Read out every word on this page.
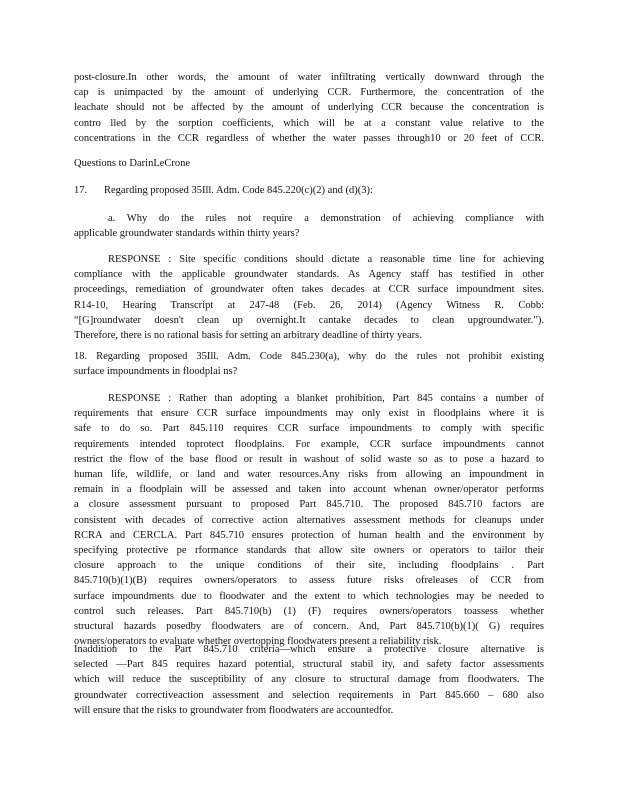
post-closure.In other words, the amount of water infiltrating vertically downward through the
cap is unimpacted by the amount of underlying CCR. Furthermore, the concentration of the
leachate should not be affected by the amount of underlying CCR because the concentration is
contro lled by the sorption coefficients, which will be at a constant value relative to the
concentrations in the CCR regardless of whether the water passes through10 or 20 feet of CCR.
Questions to DarinLeCrone
17. Regarding proposed 35Ill. Adm. Code 845.220(c)(2) and (d)(3):
a. Why do the rules not require a demonstration of achieving compliance with
applicable groundwater standards within thirty years?
RESPONSE : Site specific conditions should dictate a reasonable time line for achieving
compliance with the applicable groundwater standards. As Agency staff has testified in other
proceedings, remediation of groundwater often takes decades at CCR surface impoundment sites.
R14-10, Hearing Transcript at 247-48 (Feb. 26, 2014) (Agency Witness R. Cobb:
“[G]roundwater doesn't clean up overnight.It cantake decades to clean upgroundwater.”).
Therefore, there is no rational basis for setting an arbitrary deadline of thirty years.
18. Regarding proposed 35Ill. Adm. Code 845.230(a), why do the rules not prohibit existing
surface impoundments in floodplai ns?
RESPONSE : Rather than adopting a blanket prohibition, Part 845 contains a number of
requirements that ensure CCR surface impoundments may only exist in floodplains where it is
safe to do so. Part 845.110 requires CCR surface impoundments to comply with specific
requirements intended toprotect floodplains. For example, CCR surface impoundments cannot
restrict the flow of the base flood or result in washout of solid waste so as to pose a hazard to
human life, wildlife, or land and water resources.Any risks from allowing an impoundment in
remain in a floodplain will be assessed and taken into account whenan owner/operator performs
a closure assessment pursuant to proposed Part 845.710. The proposed 845.710 factors are
consistent with decades of corrective action alternatives assessment methods for cleanups under
RCRA and CERCLA. Part 845.710 ensures protection of human health and the environment by
specifying protective pe rformance standards that allow site owners or operators to tailor their
closure approach to the unique conditions of their site, including floodplains . Part
845.710(b)(1)(B) requires owners/operators to assess future risks ofreleases of CCR from
surface impoundments due to floodwater and the extent to which technologies may be needed to
control such releases. Part 845.710(b) (1) (F) requires owners/operators toassess whether
structural hazards posedby floodwaters are of concern. And, Part 845.710(b)(1)( G) requires
owners/operators to evaluate whether overtopping floodwaters present a reliability risk.
Inaddition to the Part 845.710 criteria—which ensure a protective closure alternative is
selected —Part 845 requires hazard potential, structural stabil ity, and safety factor assessments
which will reduce the susceptibility of any closure to structural damage from floodwaters. The
groundwater correctiveaction assessment and selection requirements in Part 845.660 – 680 also
will ensure that the risks to groundwater from floodwaters are accountedfor.
